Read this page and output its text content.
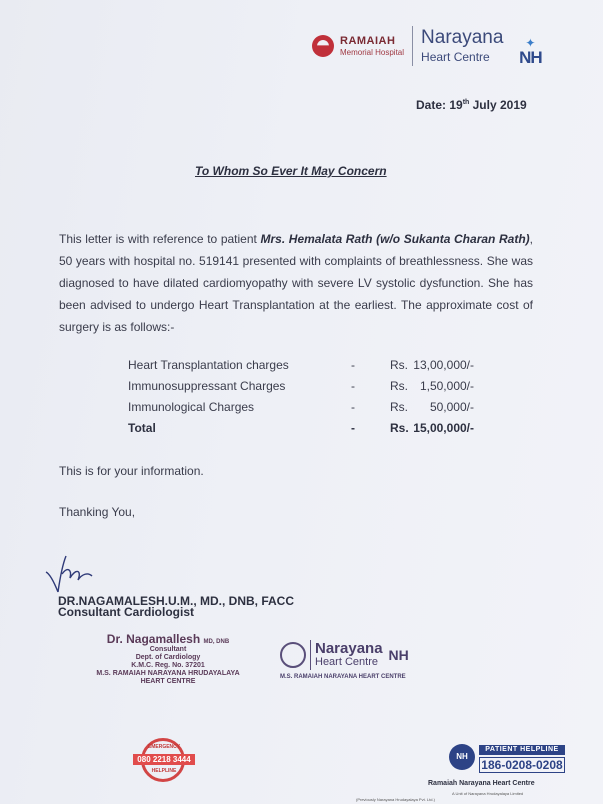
RAMAIAH
Memorial Hospital
Narayana
Heart Centre
✦
NH
Date: 19th July 2019
To Whom So Ever It May Concern
This letter is with reference to patient Mrs. Hemalata Rath (w/o Sukanta Charan Rath), 50 years with hospital no. 519141 presented with complaints of breathlessness. She was diagnosed to have dilated cardiomyopathy with severe LV systolic dysfunction. She has been advised to undergo Heart Transplantation at the earliest. The approximate cost of surgery is as follows:-
Heart Transplantation charges	-	Rs. 13,00,000/-
Immunosuppressant Charges	-	Rs. 1,50,000/-
Immunological Charges	-	Rs. 50,000/-
Total	-	Rs. 15,00,000/-
This is for your information.
Thanking You,
DR.NAGAMALESH.U.M., MD., DNB, FACC
Consultant Cardiologist
Dr. Nagamallesh MD, DNB
Consultant
Dept. of Cardiology
K.M.C. Reg. No. 37201
M.S. RAMAIAH NARAYANA HRUDAYALAYA
HEART CENTRE
Narayana
Heart Centre NH
M.S. RAMAIAH NARAYANA HEART CENTRE
EMERGENCY
080 2218 3444
HELPLINE
NH
PATIENT HELPLINE
186-0208-0208
Ramaiah Narayana Heart Centre
A Unit of Narayana Hrudayalaya Limited
(Previously Narayana Hrudayalaya Pvt. Ltd.)
